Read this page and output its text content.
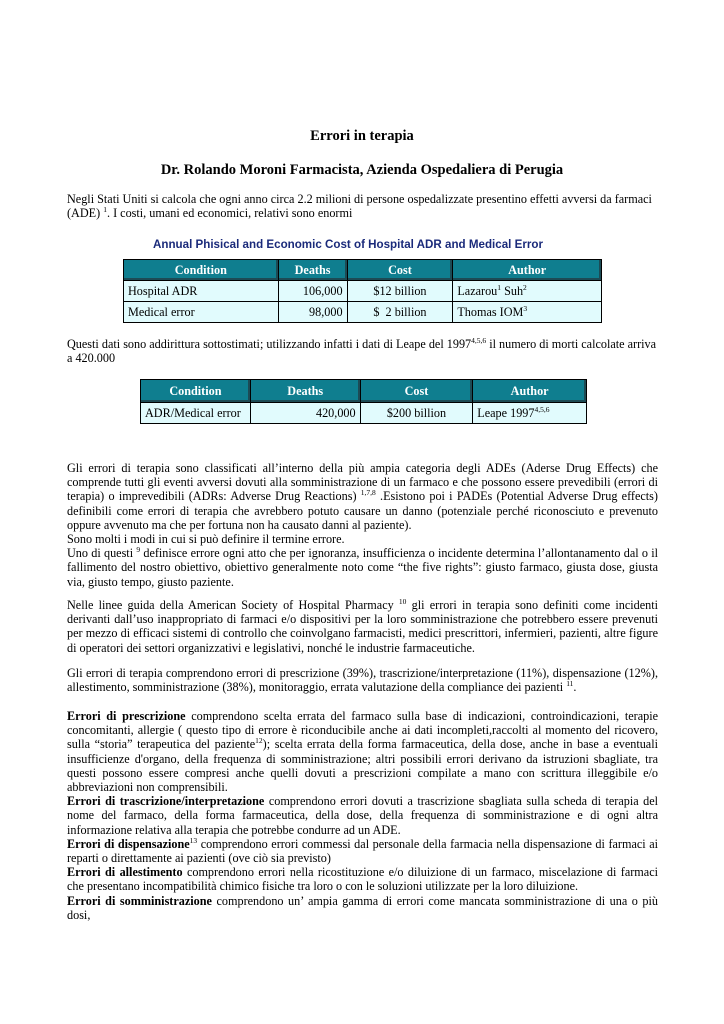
Errori in terapia
Dr. Rolando Moroni Farmacista, Azienda Ospedaliera di Perugia

Negli Stati Uniti si calcola che ogni anno circa 2.2 milioni di persone ospedalizzate presentino effetti avversi da farmaci (ADE) $^1$. I costi, umani ed economici, relativi sono enormi

Annual Phisical and Economic Cost of Hospital ADR and Medical Error

Condition	Deaths	Cost	Author
Hospital ADR	106,000	$12 billion	Lazarou$^1$ Suh$^2$
Medical error	98,000	$  2 billion	Thomas IOM$^3$

Questi dati sono addirittura sottostimati; utilizzando infatti i dati di Leape del 1997$^{4,5,6}$ il numero di morti calcolate arriva a 420.000

Condition	Deaths	Cost	Author
ADR/Medical error	420,000	$200 billion	Leape 1997$^{4,5,6}$

Gli errori di terapia sono classificati all’interno della più ampia categoria degli ADEs (Aderse Drug Effects) che comprende tutti gli eventi avversi dovuti alla somministrazione di un farmaco e che possono essere prevedibili (errori di terapia) o imprevedibili (ADRs: Adverse Drug Reactions) $^{1,7,8}$ .Esistono poi i PADEs (Potential Adverse Drug effects) definibili come errori di terapia che avrebbero potuto causare un danno (potenziale perché riconosciuto e prevenuto oppure avvenuto ma che per fortuna non ha causato danni al paziente).
Sono molti i modi in cui si può definire il termine errore.
Uno di questi $^9$ definisce errore ogni atto che per ignoranza, insufficienza o incidente determina l’allontanamento dal o il fallimento del nostro obiettivo, obiettivo generalmente noto come “the five rights”: giusto farmaco, giusta dose, giusta via, giusto tempo, giusto paziente.

Nelle linee guida della American Society of Hospital Pharmacy $^{10}$ gli errori in terapia sono definiti come incidenti derivanti dall’uso inappropriato di farmaci e/o dispositivi per la loro somministrazione che potrebbero essere prevenuti per mezzo di efficaci sistemi di controllo che coinvolgano farmacisti, medici prescrittori, infermieri, pazienti, altre figure di operatori dei settori organizzativi e legislativi, nonché le industrie farmaceutiche.

Gli errori di terapia comprendono errori di prescrizione (39%), trascrizione/interpretazione (11%), dispensazione (12%), allestimento, somministrazione (38%), monitoraggio, errata valutazione della compliance dei pazienti $^{11}$.

Errori di prescrizione comprendono scelta errata del farmaco sulla base di indicazioni, controindicazioni, terapie concomitanti, allergie ( questo tipo di errore è riconducibile anche ai dati incompleti,raccolti al momento del ricovero, sulla “storia” terapeutica del paziente$^{12}$); scelta errata della forma farmaceutica, della dose, anche in base a eventuali insufficienze d'organo, della frequenza di somministrazione; altri possibili errori derivano da istruzioni sbagliate, tra questi possono essere compresi anche quelli dovuti a prescrizioni compilate a mano con scrittura illeggibile e/o abbreviazioni non comprensibili.
Errori di trascrizione/interpretazione comprendono errori dovuti a trascrizione sbagliata sulla scheda di terapia del nome del farmaco, della forma farmaceutica, della dose, della frequenza di somministrazione e di ogni altra informazione relativa alla terapia che potrebbe condurre ad un ADE.
Errori di dispensazione$^{13}$ comprendono errori commessi dal personale della farmacia nella dispensazione di farmaci ai reparti o direttamente ai pazienti (ove ciò sia previsto)
Errori di allestimento comprendono errori nella ricostituzione e/o diluizione di un farmaco, miscelazione di farmaci che presentano incompatibilità chimico fisiche tra loro o con le soluzioni utilizzate per la loro diluizione.
Errori di somministrazione comprendono un’ ampia gamma di errori come mancata somministrazione di una o più dosi,
